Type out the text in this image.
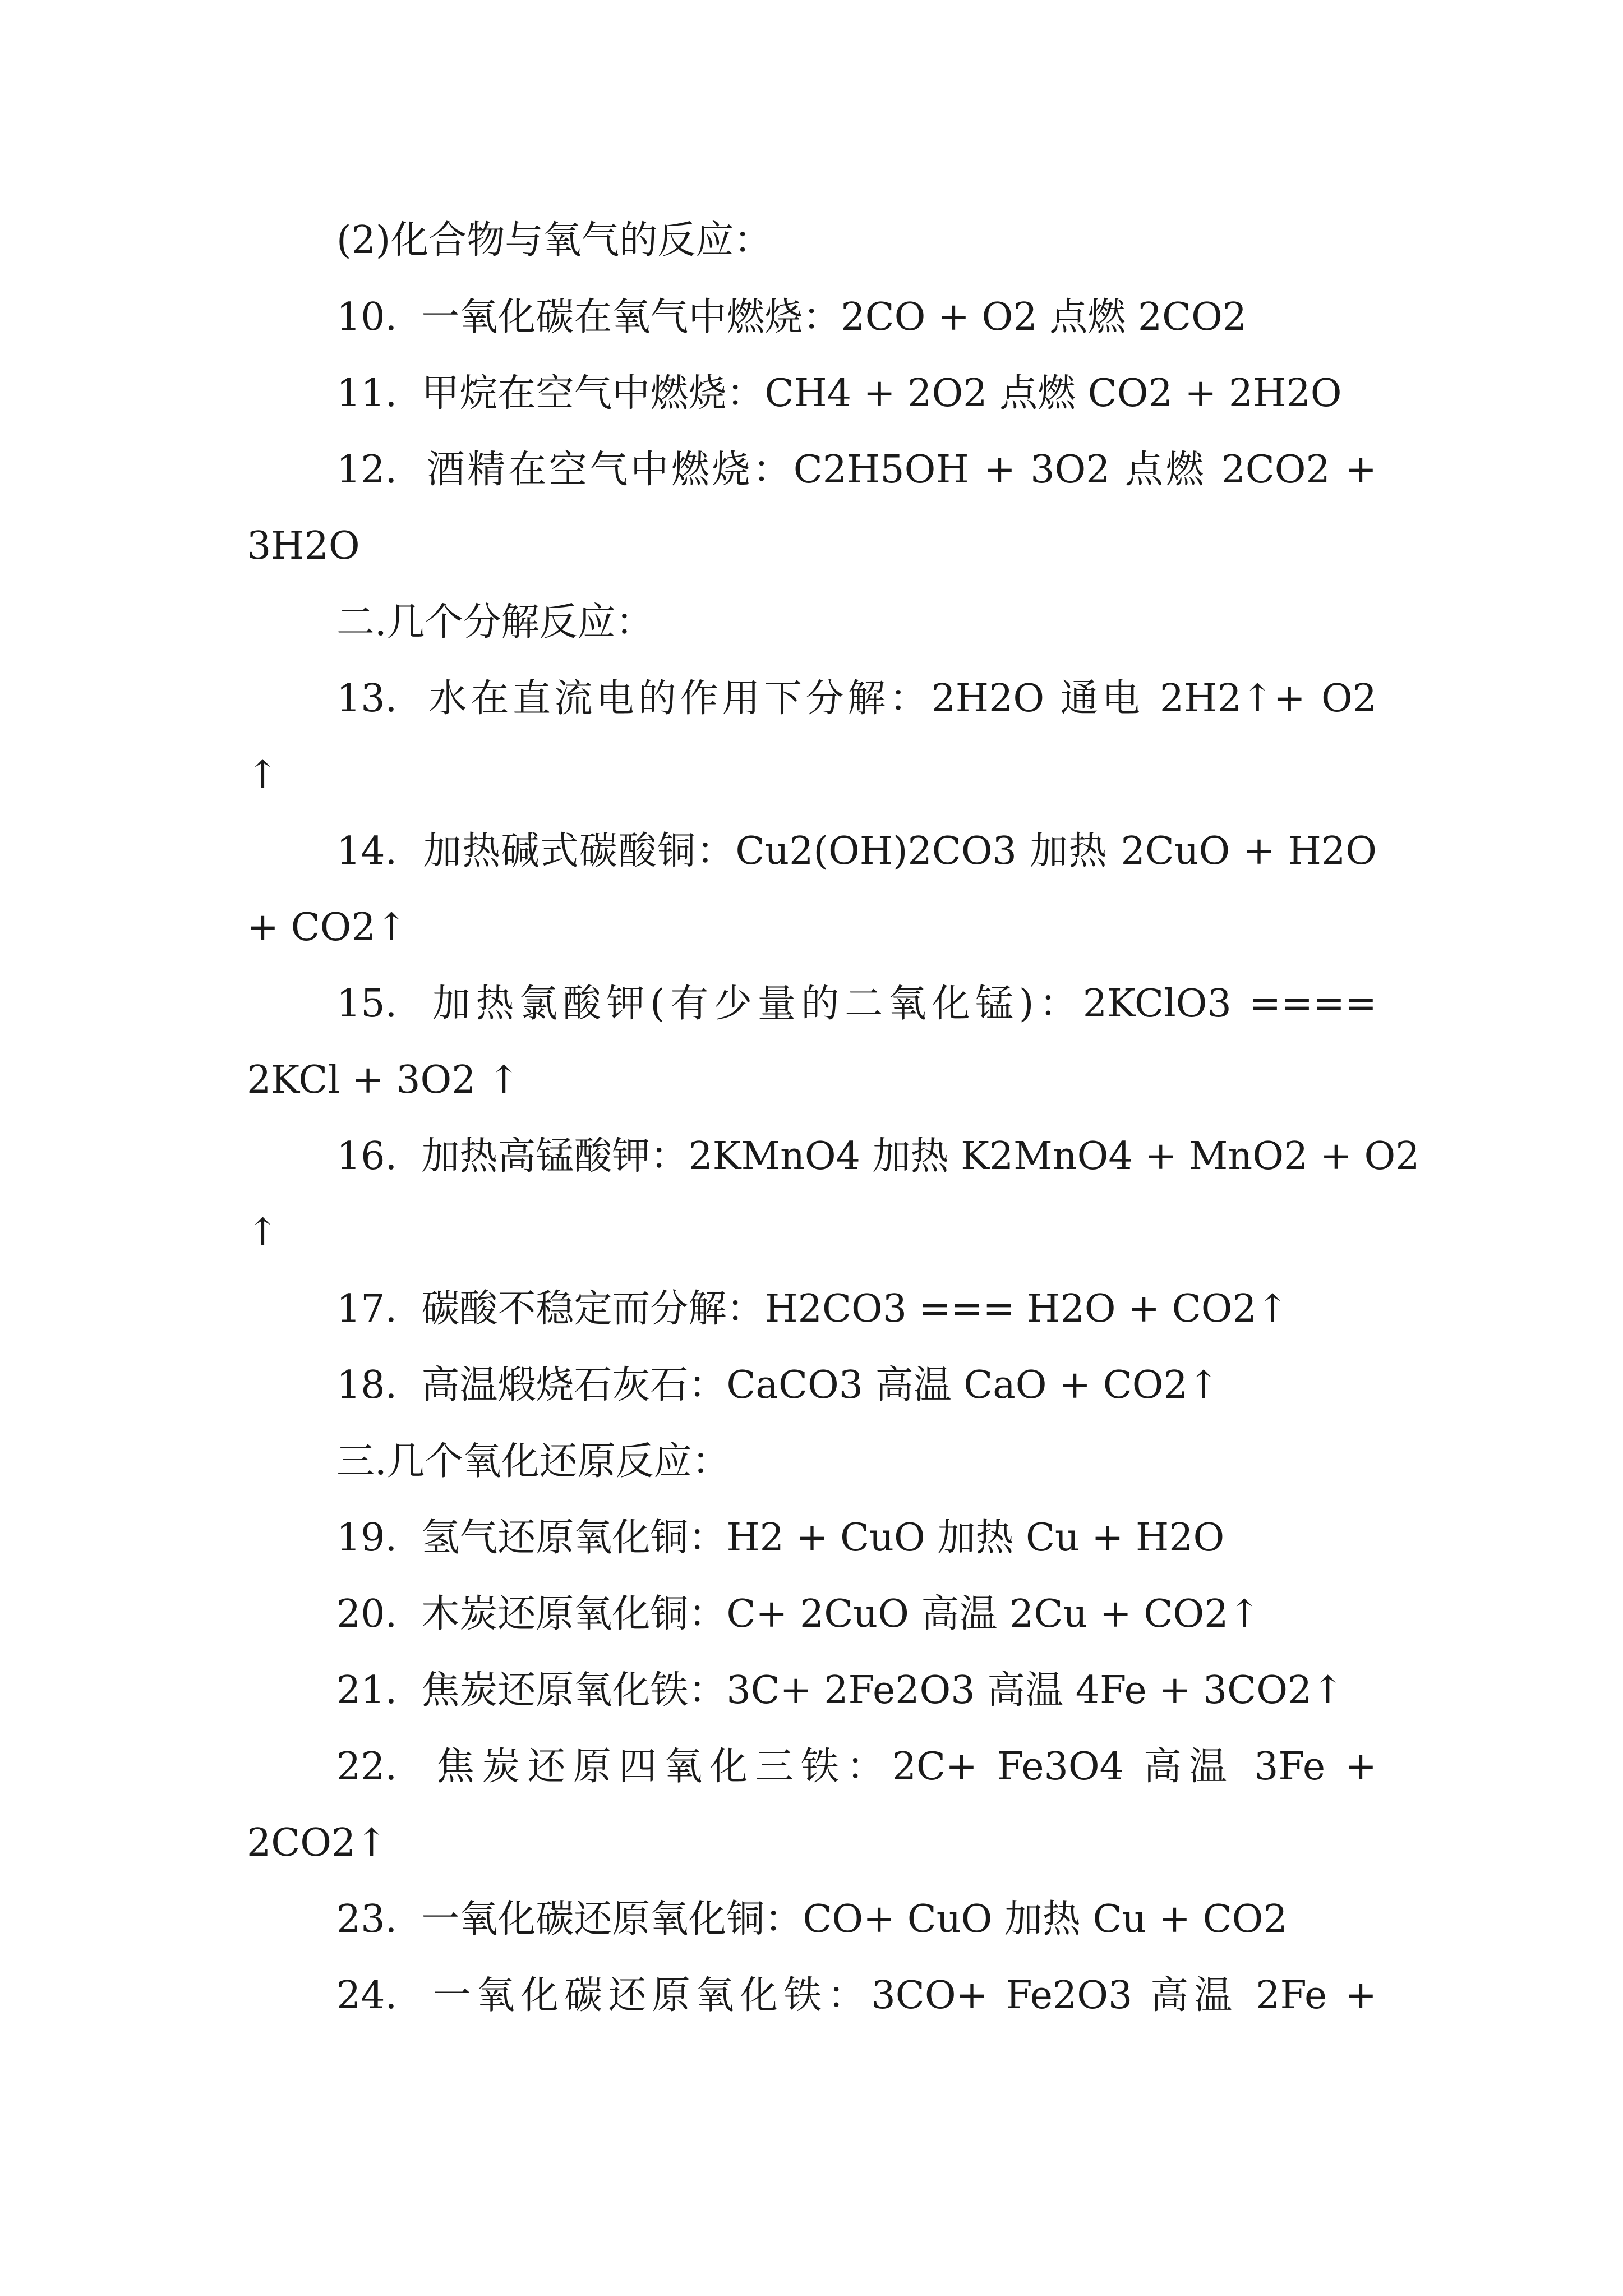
(2)化合物与氧气的反应：
10.  一氧化碳在氧气中燃烧：2CO + O2 点燃 2CO2
11.  甲烷在空气中燃烧：CH4 + 2O2 点燃 CO2 + 2H2O
12.  酒精在空气中燃烧：C2H5OH + 3O2 点燃 2CO2 +
3H2O
二.几个分解反应：
13.  水在直流电的作用下分解：2H2O 通电 2H2↑+ O2
↑
14.  加热碱式碳酸铜：Cu2(OH)2CO3 加热 2CuO + H2O
+ CO2↑
15.  加热氯酸钾(有少量的二氧化锰)：2KClO3 ====
2KCl + 3O2 ↑
16.  加热高锰酸钾：2KMnO4 加热 K2MnO4 + MnO2 + O2
↑
17.  碳酸不稳定而分解：H2CO3 === H2O + CO2↑
18.  高温煅烧石灰石：CaCO3 高温 CaO + CO2↑
三.几个氧化还原反应：
19.  氢气还原氧化铜：H2 + CuO 加热 Cu + H2O
20.  木炭还原氧化铜：C+ 2CuO 高温 2Cu + CO2↑
21.  焦炭还原氧化铁：3C+ 2Fe2O3 高温 4Fe + 3CO2↑
22.  焦炭还原四氧化三铁：2C+ Fe3O4 高温 3Fe +
2CO2↑
23.  一氧化碳还原氧化铜：CO+ CuO 加热 Cu + CO2
24.  一氧化碳还原氧化铁：3CO+ Fe2O3 高温 2Fe +
